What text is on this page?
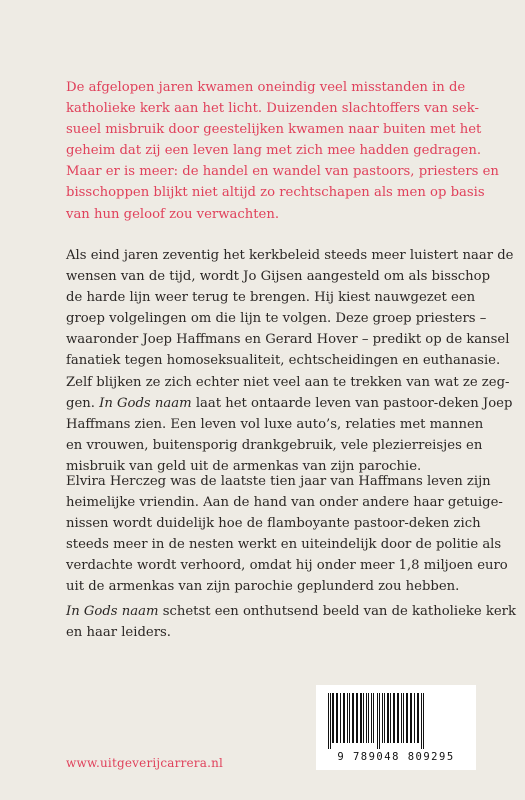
De afgelopen jaren kwamen oneindig veel misstanden in de
katholieke kerk aan het licht. Duizenden slachtoffers van sek-
sueel misbruik door geestelijken kwamen naar buiten met het
geheim dat zij een leven lang met zich mee hadden gedragen.
Maar er is meer: de handel en wandel van pastoors, priesters en
bisschoppen blijkt niet altijd zo rechtschapen als men op basis
van hun geloof zou verwachten.

Als eind jaren zeventig het kerkbeleid steeds meer luistert naar de
wensen van de tijd, wordt Jo Gijsen aangesteld om als bisschop
de harde lijn weer terug te brengen. Hij kiest nauwgezet een
groep volgelingen om die lijn te volgen. Deze groep priesters –
waaronder Joep Haffmans en Gerard Hover – predikt op de kansel
fanatiek tegen homoseksualiteit, echtscheidingen en euthanasie.
Zelf blijken ze zich echter niet veel aan te trekken van wat ze zeg-
gen. In Gods naam laat het ontaarde leven van pastoor-deken Joep
Haffmans zien. Een leven vol luxe auto’s, relaties met mannen
en vrouwen, buitensporig drankgebruik, vele plezierreisjes en
misbruik van geld uit de armenkas van zijn parochie.

Elvira Herczeg was de laatste tien jaar van Haffmans leven zijn
heimelijke vriendin. Aan de hand van onder andere haar getuige-
nissen wordt duidelijk hoe de flamboyante pastoor-deken zich
steeds meer in de nesten werkt en uiteindelijk door de politie als
verdachte wordt verhoord, omdat hij onder meer 1,8 miljoen euro
uit de armenkas van zijn parochie geplunderd zou hebben.

In Gods naam schetst een onthutsend beeld van de katholieke kerk
en haar leiders.

www.uitgeverijcarrera.nl	9 789048 809295
